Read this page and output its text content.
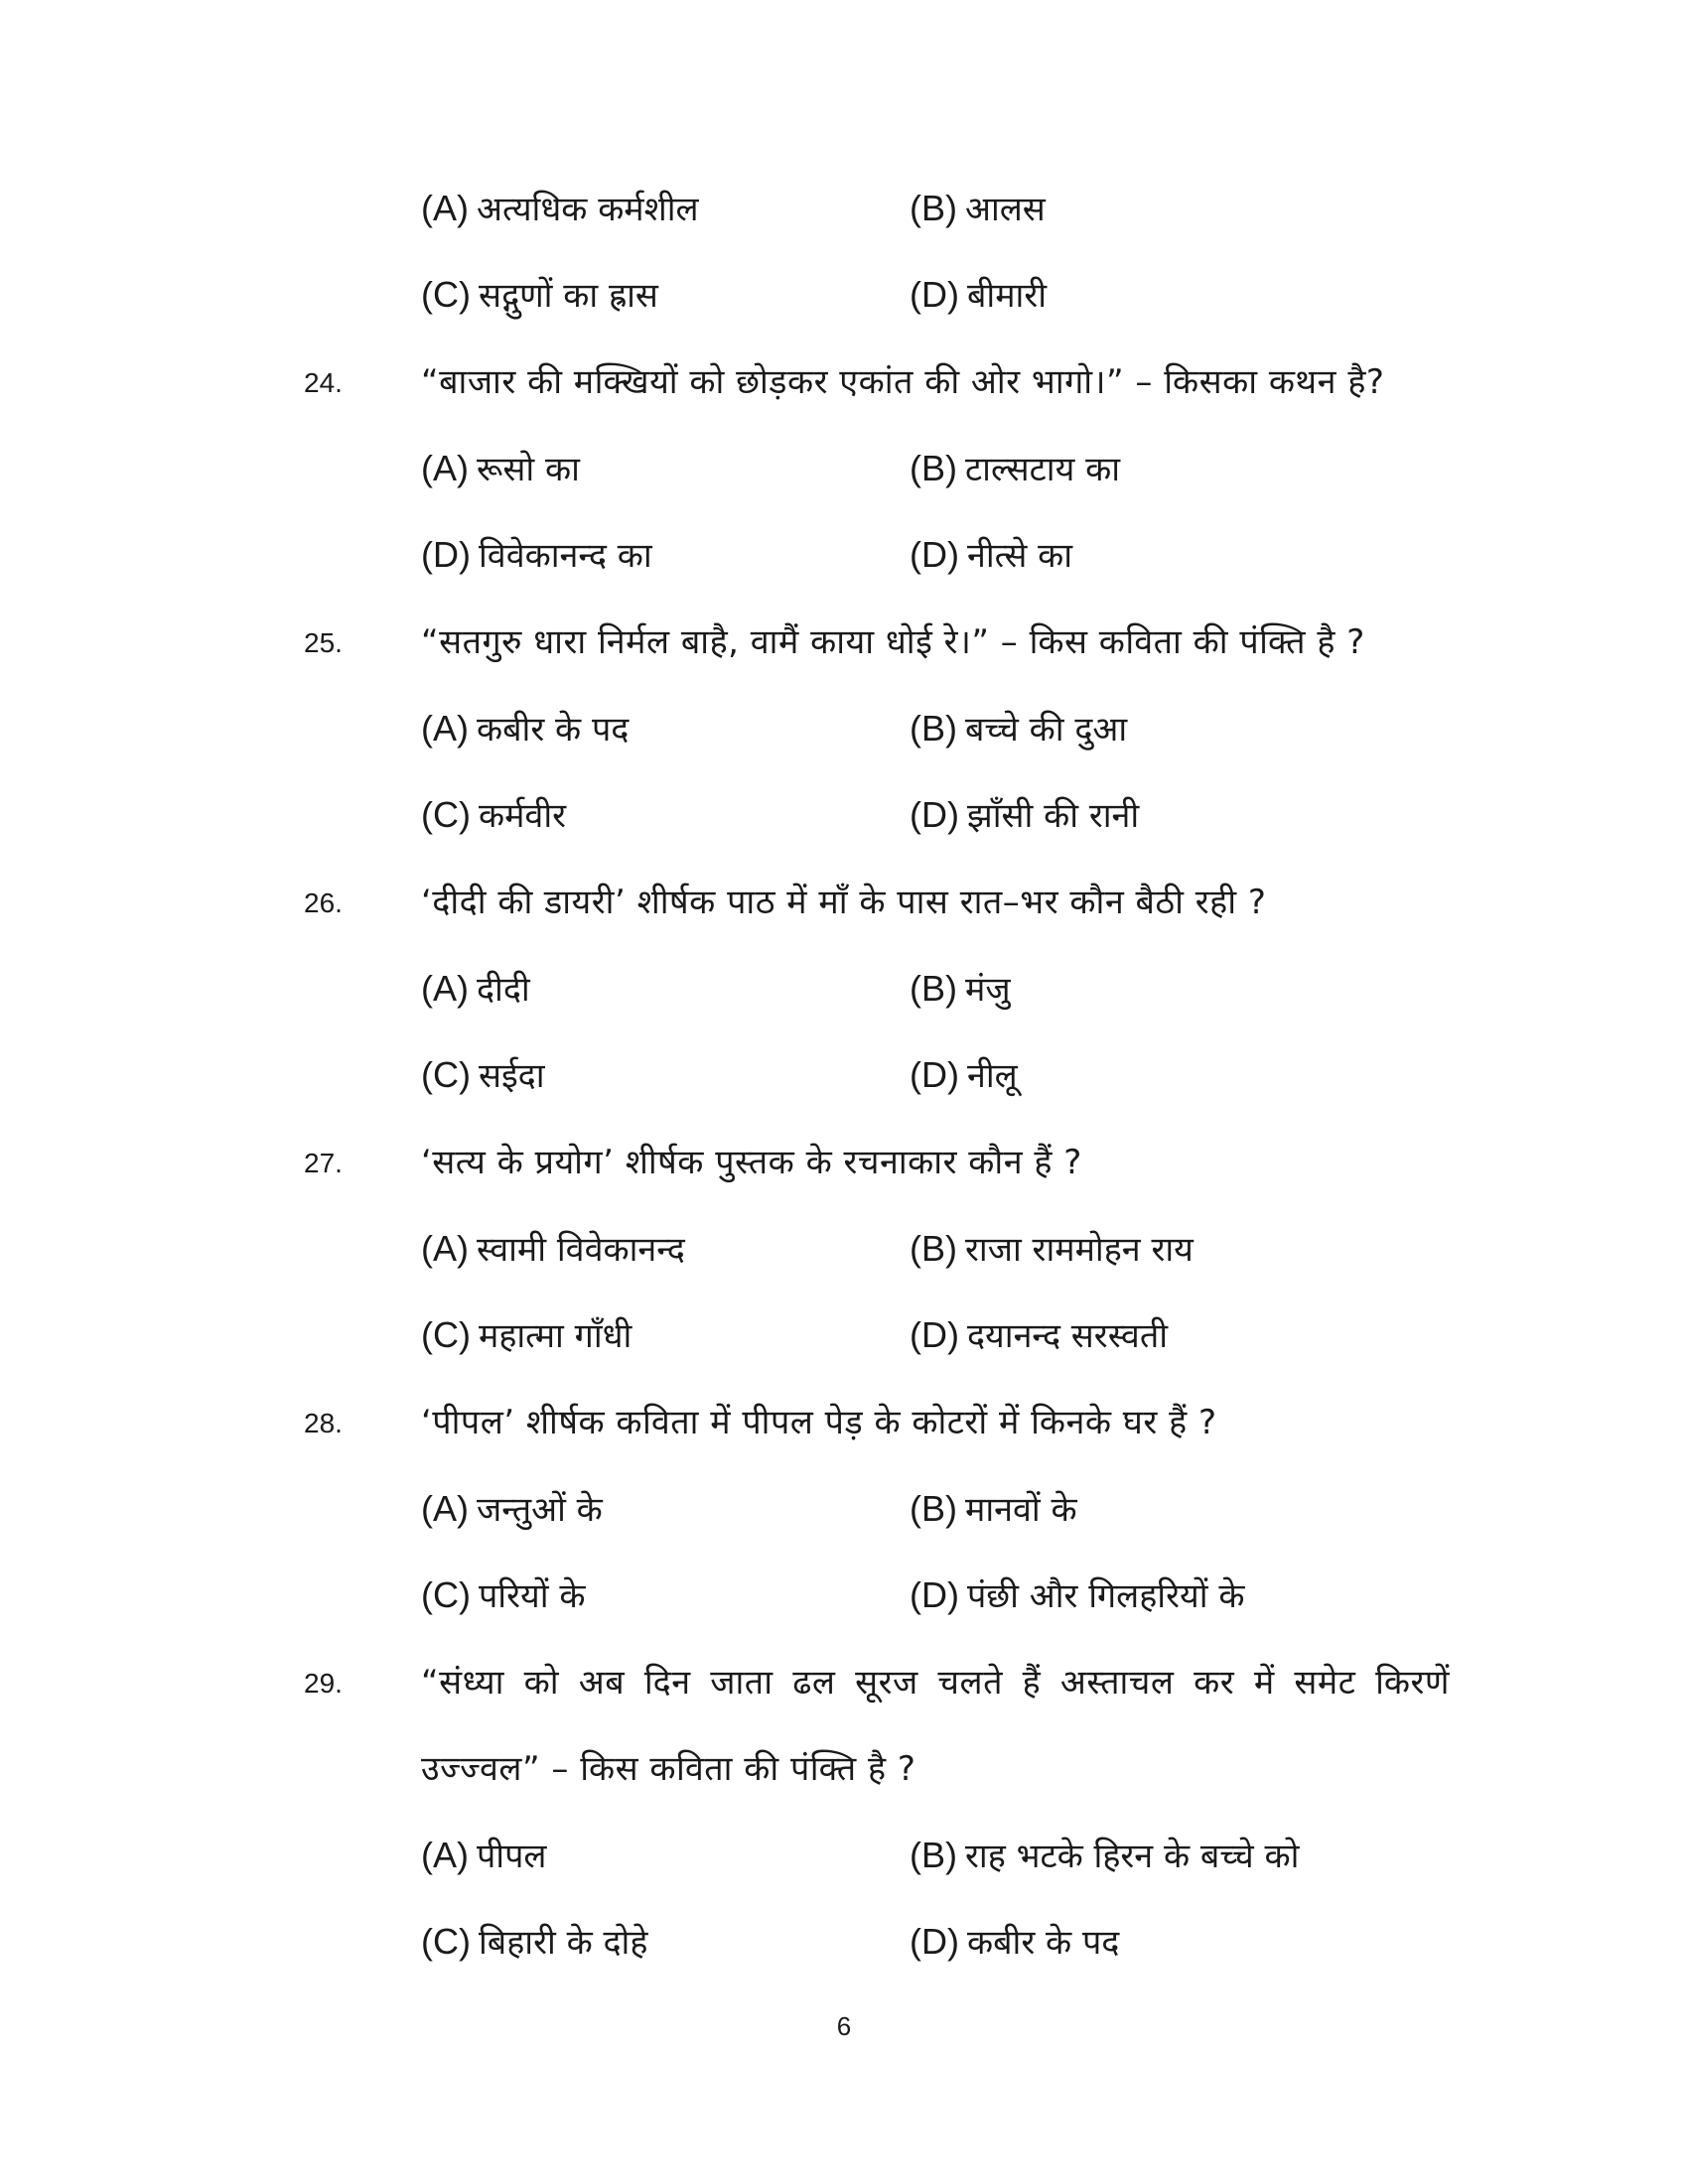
(A) अत्यधिक कर्मशील	(B) आलस
(C) सद्गुणों का ह्रास	(D) बीमारी
24. “बाजार की मक्खियों को छोड़कर एकांत की ओर भागो।” – किसका कथन है?
(A) रूसो का	(B) टाल्सटाय का
(D) विवेकानन्द का	(D) नीत्से का
25. “सतगुरु धारा निर्मल बाहै, वामैं काया धोई रे।” – किस कविता की पंक्ति है ?
(A) कबीर के पद	(B) बच्चे की दुआ
(C) कर्मवीर	(D) झाँसी की रानी
26. ‘दीदी की डायरी’ शीर्षक पाठ में माँ के पास रात–भर कौन बैठी रही ?
(A) दीदी	(B) मंजु
(C) सईदा	(D) नीलू
27. ‘सत्य के प्रयोग’ शीर्षक पुस्तक के रचनाकार कौन हैं ?
(A) स्वामी विवेकानन्द	(B) राजा राममोहन राय
(C) महात्मा गाँधी	(D) दयानन्द सरस्वती
28. ‘पीपल’ शीर्षक कविता में पीपल पेड़ के कोटरों में किनके घर हैं ?
(A) जन्तुओं के	(B) मानवों के
(C) परियों के	(D) पंछी और गिलहरियों के
29. “संध्या को अब दिन जाता ढल सूरज चलते हैं अस्ताचल कर में समेट किरणें
उज्ज्वल” – किस कविता की पंक्ति है ?
(A) पीपल	(B) राह भटके हिरन के बच्चे को
(C) बिहारी के दोहे	(D) कबीर के पद
6
